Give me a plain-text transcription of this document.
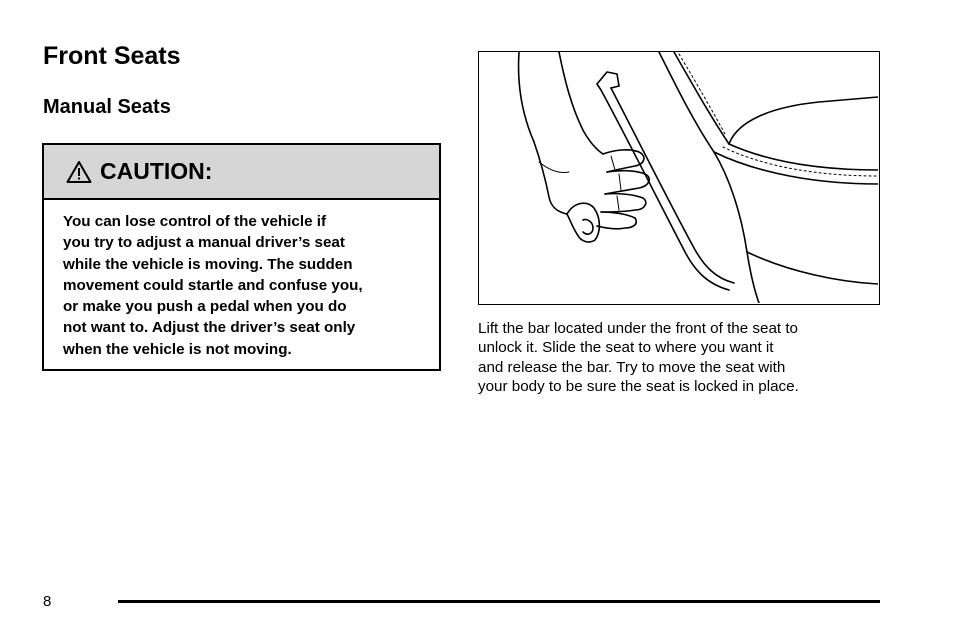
Front Seats
Manual Seats
CAUTION:
You can lose control of the vehicle if
you try to adjust a manual driver’s seat
while the vehicle is moving. The sudden
movement could startle and confuse you,
or make you push a pedal when you do
not want to. Adjust the driver’s seat only
when the vehicle is not moving.
Lift the bar located under the front of the seat to
unlock it. Slide the seat to where you want it
and release the bar. Try to move the seat with
your body to be sure the seat is locked in place.
8
